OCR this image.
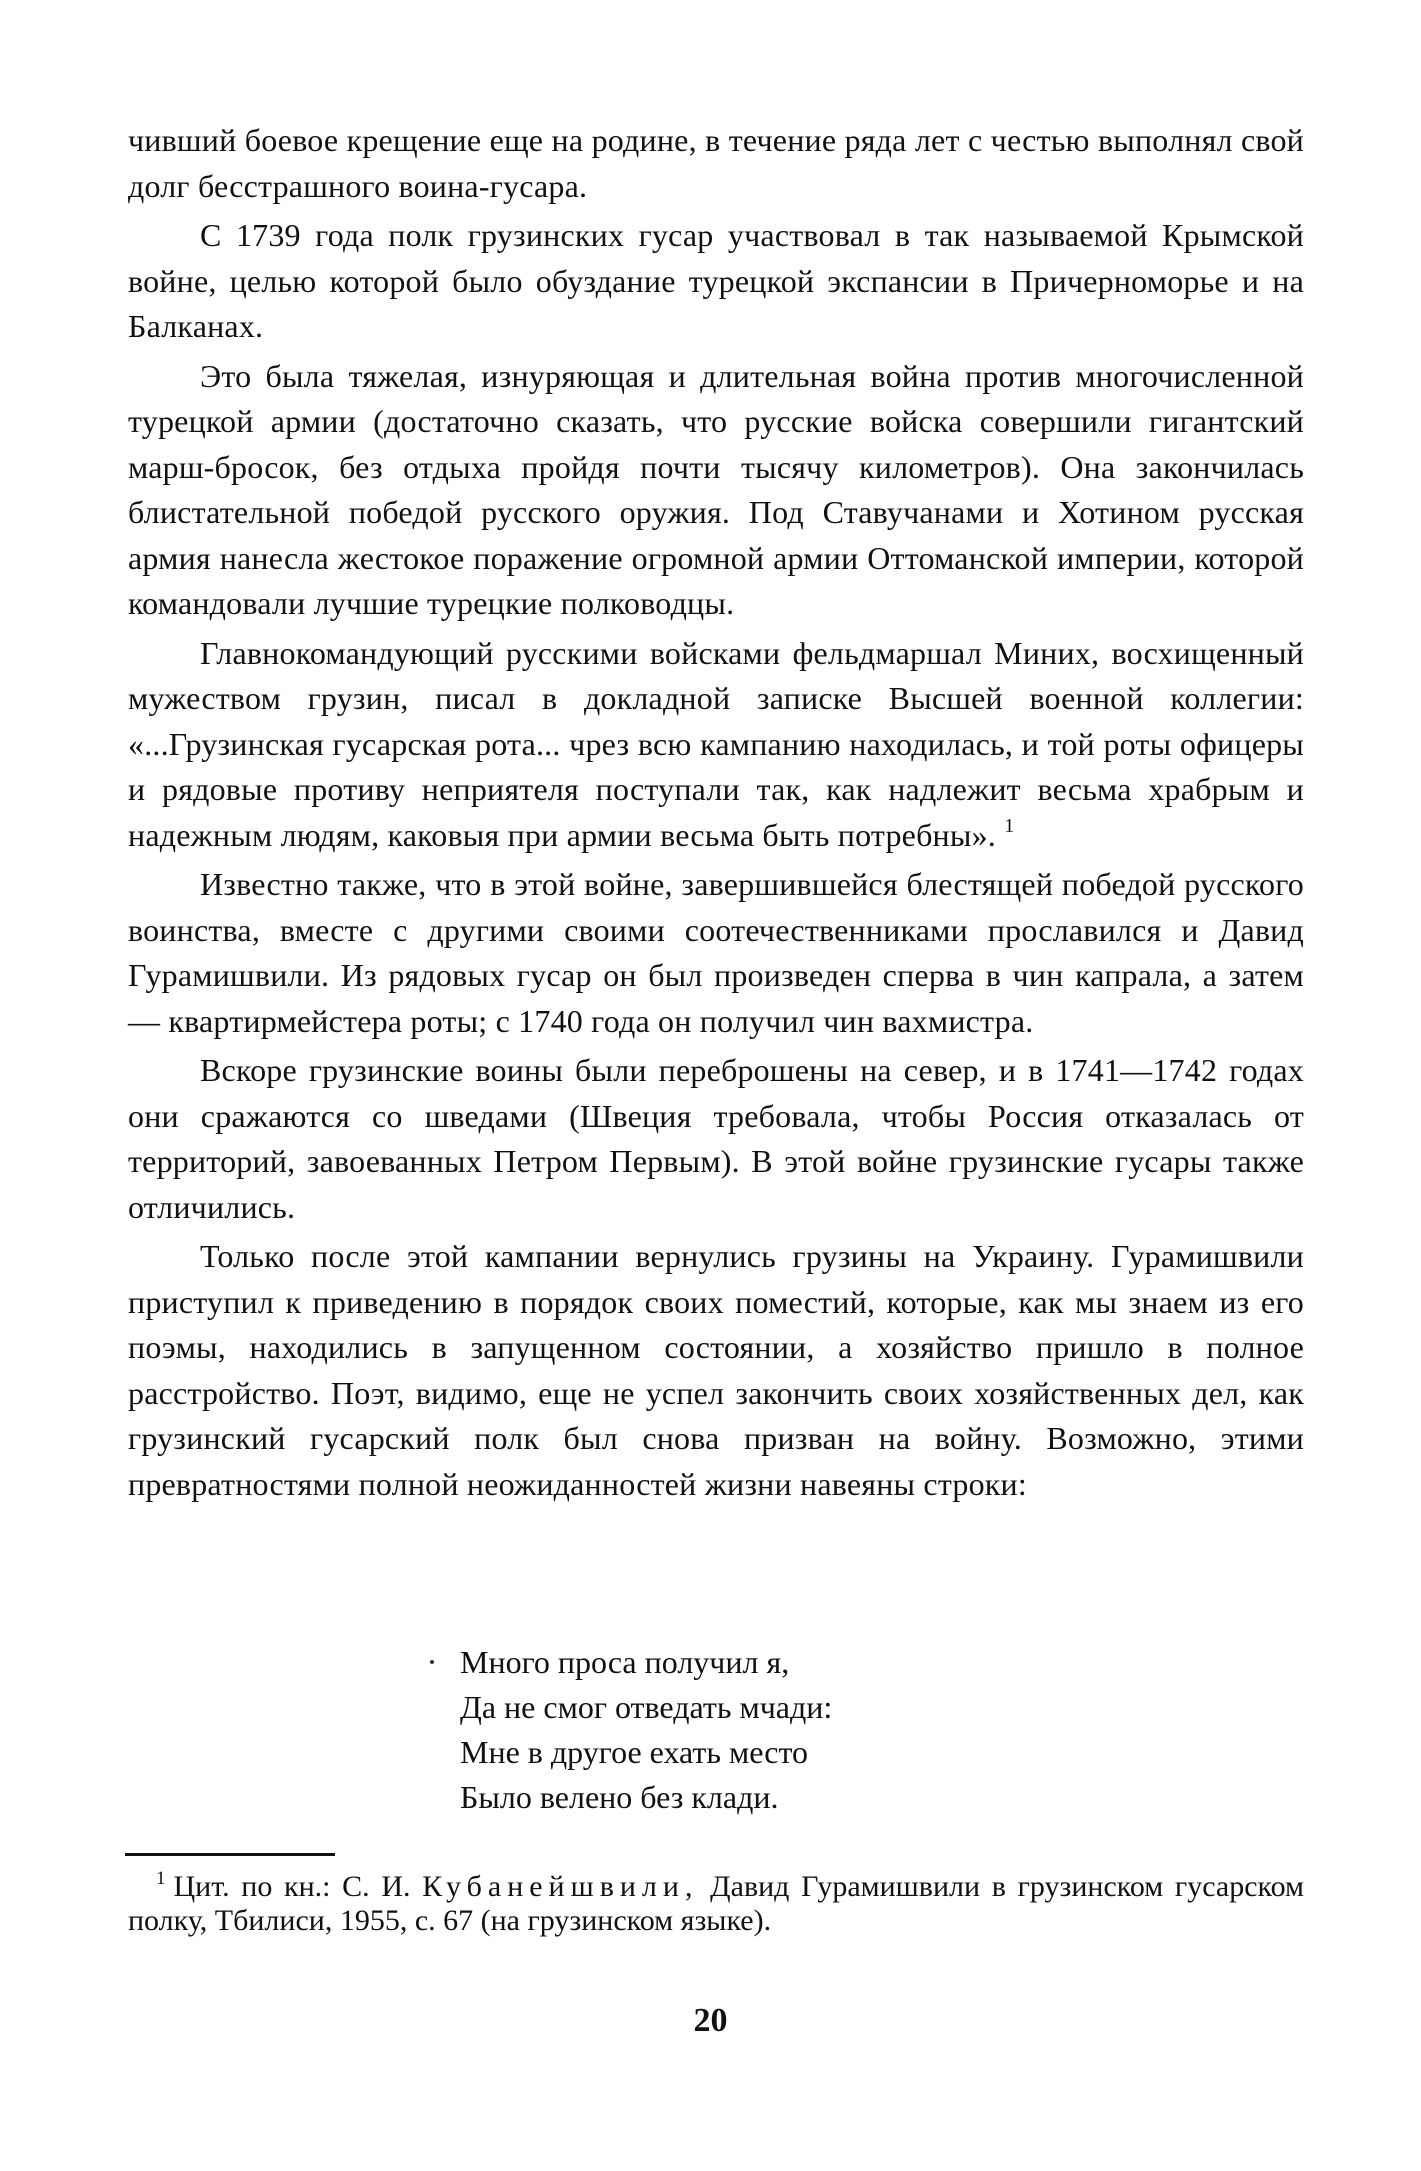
чивший боевое крещение еще на родине, в течение ряда лет с честью выполнял свой долг бесстрашного воина-гусара.

С 1739 года полк грузинских гусар участвовал в так называемой Крымской войне, целью которой было обуздание турецкой экспансии в Причерноморье и на Балканах.

Это была тяжелая, изнуряющая и длительная война против многочисленной турецкой армии (достаточно сказать, что русские войска совершили гигантский марш-бросок, без отдыха пройдя почти тысячу километров). Она закончилась блистательной победой русского оружия. Под Ставучанами и Хотином русская армия нанесла жестокое поражение огромной армии Оттоманской империи, которой командовали лучшие турецкие полководцы.

Главнокомандующий русскими войсками фельдмаршал Миних, восхищенный мужеством грузин, писал в докладной записке Высшей военной коллегии: «...Грузинская гусарская рота... чрез всю кампанию находилась, и той роты офицеры и рядовые противу неприятеля поступали так, как надлежит весьма храбрым и надежным людям, каковыя при армии весьма быть потребны». $^1$

Известно также, что в этой войне, завершившейся блестящей победой русского воинства, вместе с другими своими соотечественниками прославился и Давид Гурамишвили. Из рядовых гусар он был произведен сперва в чин капрала, а затем — квартирмейстера роты; с 1740 года он получил чин вахмистра.

Вскоре грузинские воины были переброшены на север, и в 1741—1742 годах они сражаются со шведами (Швеция требовала, чтобы Россия отказалась от территорий, завоеванных Петром Первым). В этой войне грузинские гусары также отличились.

Только после этой кампании вернулись грузины на Украину. Гурамишвили приступил к приведению в порядок своих поместий, которые, как мы знаем из его поэмы, находились в запущенном состоянии, а хозяйство пришло в полное расстройство. Поэт, видимо, еще не успел закончить своих хозяйственных дел, как грузинский гусарский полк был снова призван на войну. Возможно, этими превратностями полной неожиданностей жизни навеяны строки:

Много проса получил я,
Да не смог отведать мчади:
Мне в другое ехать место
Было велено без клади.
$^1$ Цит. по кн.: С. И. Кубанейшвили, Давид Гурамишвили в грузинском гусарском полку, Тбилиси, 1955, с. 67 (на грузинском языке).
20
